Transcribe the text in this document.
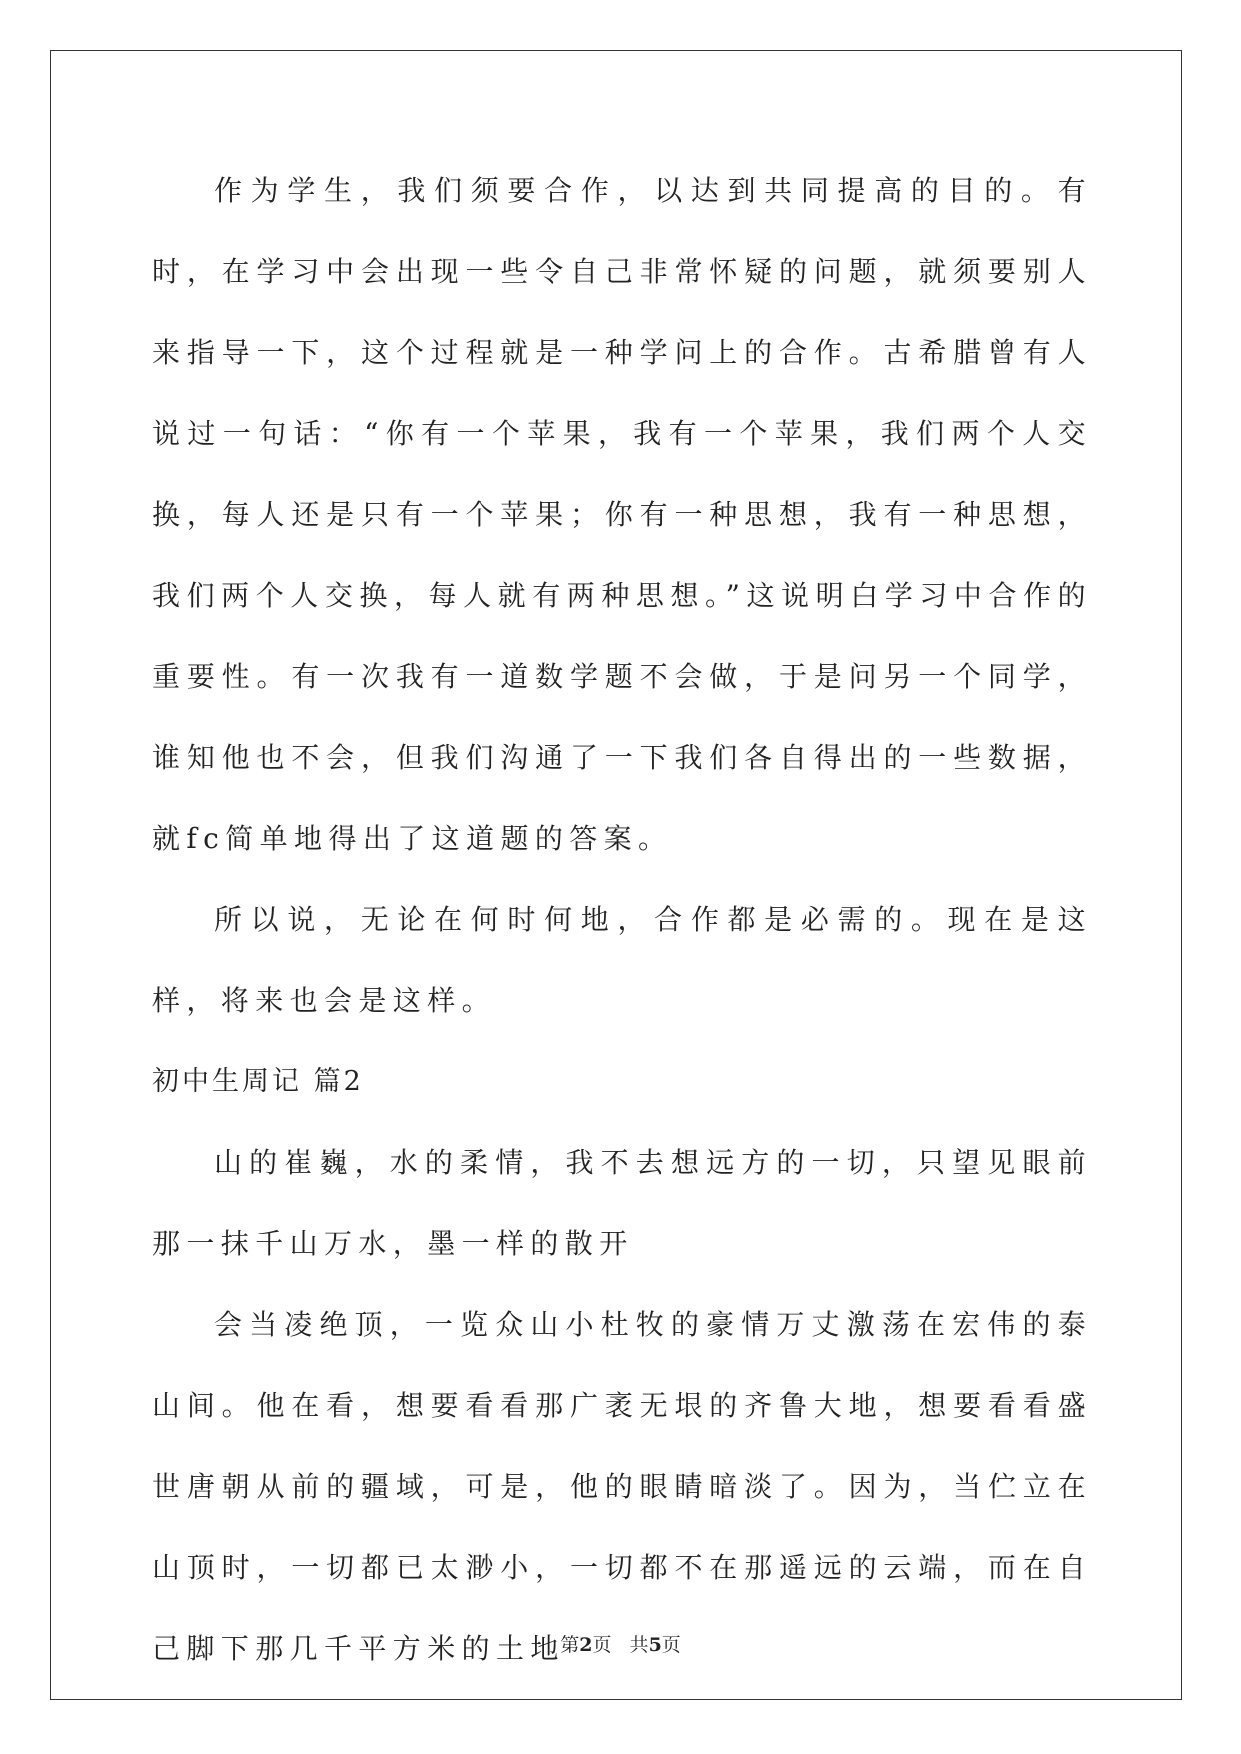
作为学生，我们须要合作，以达到共同提高的目的。有时，在学习中会出现一些令自己非常怀疑的问题，就须要别人来指导一下，这个过程就是一种学问上的合作。古希腊曾有人说过一句话：“你有一个苹果，我有一个苹果，我们两个人交换，每人还是只有一个苹果；你有一种思想，我有一种思想，我们两个人交换，每人就有两种思想。”这说明白学习中合作的重要性。有一次我有一道数学题不会做，于是问另一个同学，谁知他也不会，但我们沟通了一下我们各自得出的一些数据，就fc简单地得出了这道题的答案。

所以说，无论在何时何地，合作都是必需的。现在是这样，将来也会是这样。

初中生周记 篇2

山的崔巍，水的柔情，我不去想远方的一切，只望见眼前那一抹千山万水，墨一样的散开

会当凌绝顶，一览众山小杜牧的豪情万丈激荡在宏伟的泰山间。他在看，想要看看那广袤无垠的齐鲁大地，想要看看盛世唐朝从前的疆域，可是，他的眼睛暗淡了。因为，当伫立在山顶时，一切都已太渺小，一切都不在那遥远的云端，而在自己脚下那几千平方米的土地

第2页   共5页
